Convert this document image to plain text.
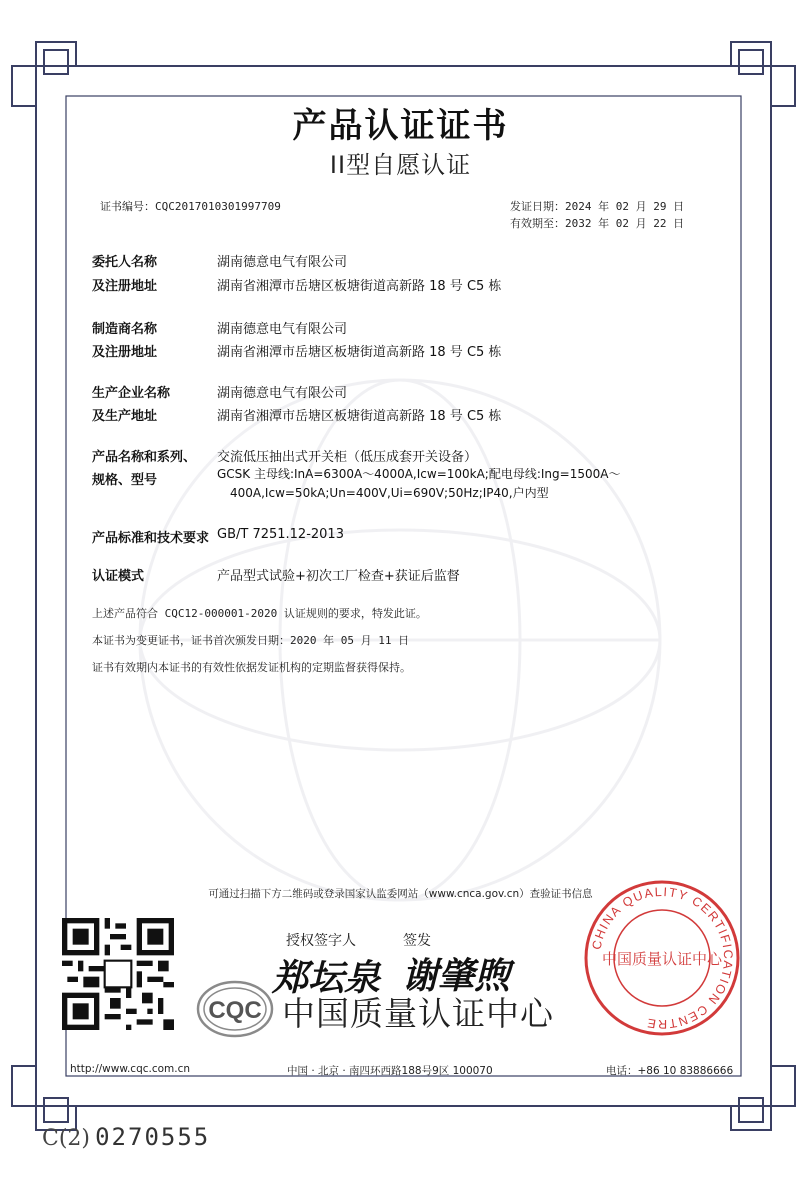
产品认证证书
II型自愿认证
证书编号：CQC2017010301997709	发证日期：2024 年 02 月 29 日
有效期至：2032 年 02 月 22 日
委托人名称	湖南德意电气有限公司
及注册地址	湖南省湘潭市岳塘区板塘街道高新路 18 号 C5 栋
制造商名称	湖南德意电气有限公司
及注册地址	湖南省湘潭市岳塘区板塘街道高新路 18 号 C5 栋
生产企业名称	湖南德意电气有限公司
及生产地址	湖南省湘潭市岳塘区板塘街道高新路 18 号 C5 栋
产品名称和系列、
规格、型号
交流低压抽出式开关柜（低压成套开关设备）
GCSK 主母线:InA=6300A～4000A,Icw=100kA;配电母线:Ing=1500A～
400A,Icw=50kA;Un=400V,Ui=690V;50Hz;IP40,户内型
产品标准和技术要求 GB/T 7251.12-2013
认证模式	产品型式试验+初次工厂检查+获证后监督
上述产品符合 CQC12-000001-2020 认证规则的要求，特发此证。
本证书为变更证书，证书首次颁发日期：2020 年 05 月 11 日
证书有效期内本证书的有效性依据发证机构的定期监督获得保持。
可通过扫描下方二维码或登录国家认监委网站（www.cnca.gov.cn）查验证书信息
授权签字人	签发
郑坛泉 谢肇煦
CQC 中国质量认证中心
CHINA QUALITY CERTIFICATION CENTRE
中国质量认证中心
http://www.cqc.com.cn	中国 · 北京 · 南四环西路188号9区 100070	电话：+86 10 83886666
C(2) 0270555
